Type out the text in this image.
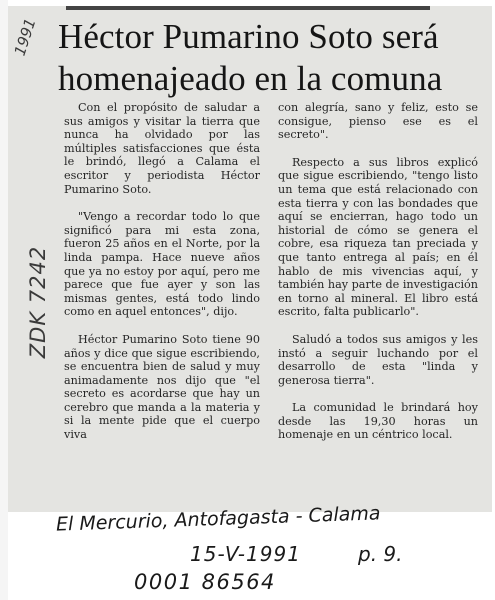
Héctor Pumarino Soto será
homenajeado en la comuna

Con el propósito de saludar a sus amigos y visitar la tierra que nunca ha olvidado por las múltiples satisfacciones que ésta le brindó, llegó a Calama el escritor y periodista Héctor Pumarino Soto.

"Vengo a recordar todo lo que significó para mi esta zona, fueron 25 años en el Norte, por la linda pampa. Hace nueve años que ya no estoy por aquí, pero me parece que fue ayer y son las mismas gentes, está todo lindo como en aquel entonces", dijo.

Héctor Pumarino Soto tiene 90 años y dice que sigue escribiendo, se encuentra bien de salud y muy animadamente nos dijo que "el secreto es acordarse que hay un cerebro que manda a la materia y si la mente pide que el cuerpo viva

con alegría, sano y feliz, esto se consigue, pienso ese es el secreto".

Respecto a sus libros explicó que sigue escribiendo, "tengo listo un tema que está relacionado con esta tierra y con las bondades que aquí se encierran, hago todo un historial de cómo se genera el cobre, esa riqueza tan preciada y que tanto entrega al país; en él hablo de mis vivencias aquí, y también hay parte de investigación en torno al mineral. El libro está escrito, falta publicarlo".

Saludó a todos sus amigos y les instó a seguir luchando por el desarrollo de esta "linda y generosa tierra".

La comunidad le brindará hoy desde las 19,30 horas un homenaje en un céntrico local.

1991
ZDK 7242
El Mercurio, Antofagasta - Calama
15-V-1991	p. 9.
0001 86564
